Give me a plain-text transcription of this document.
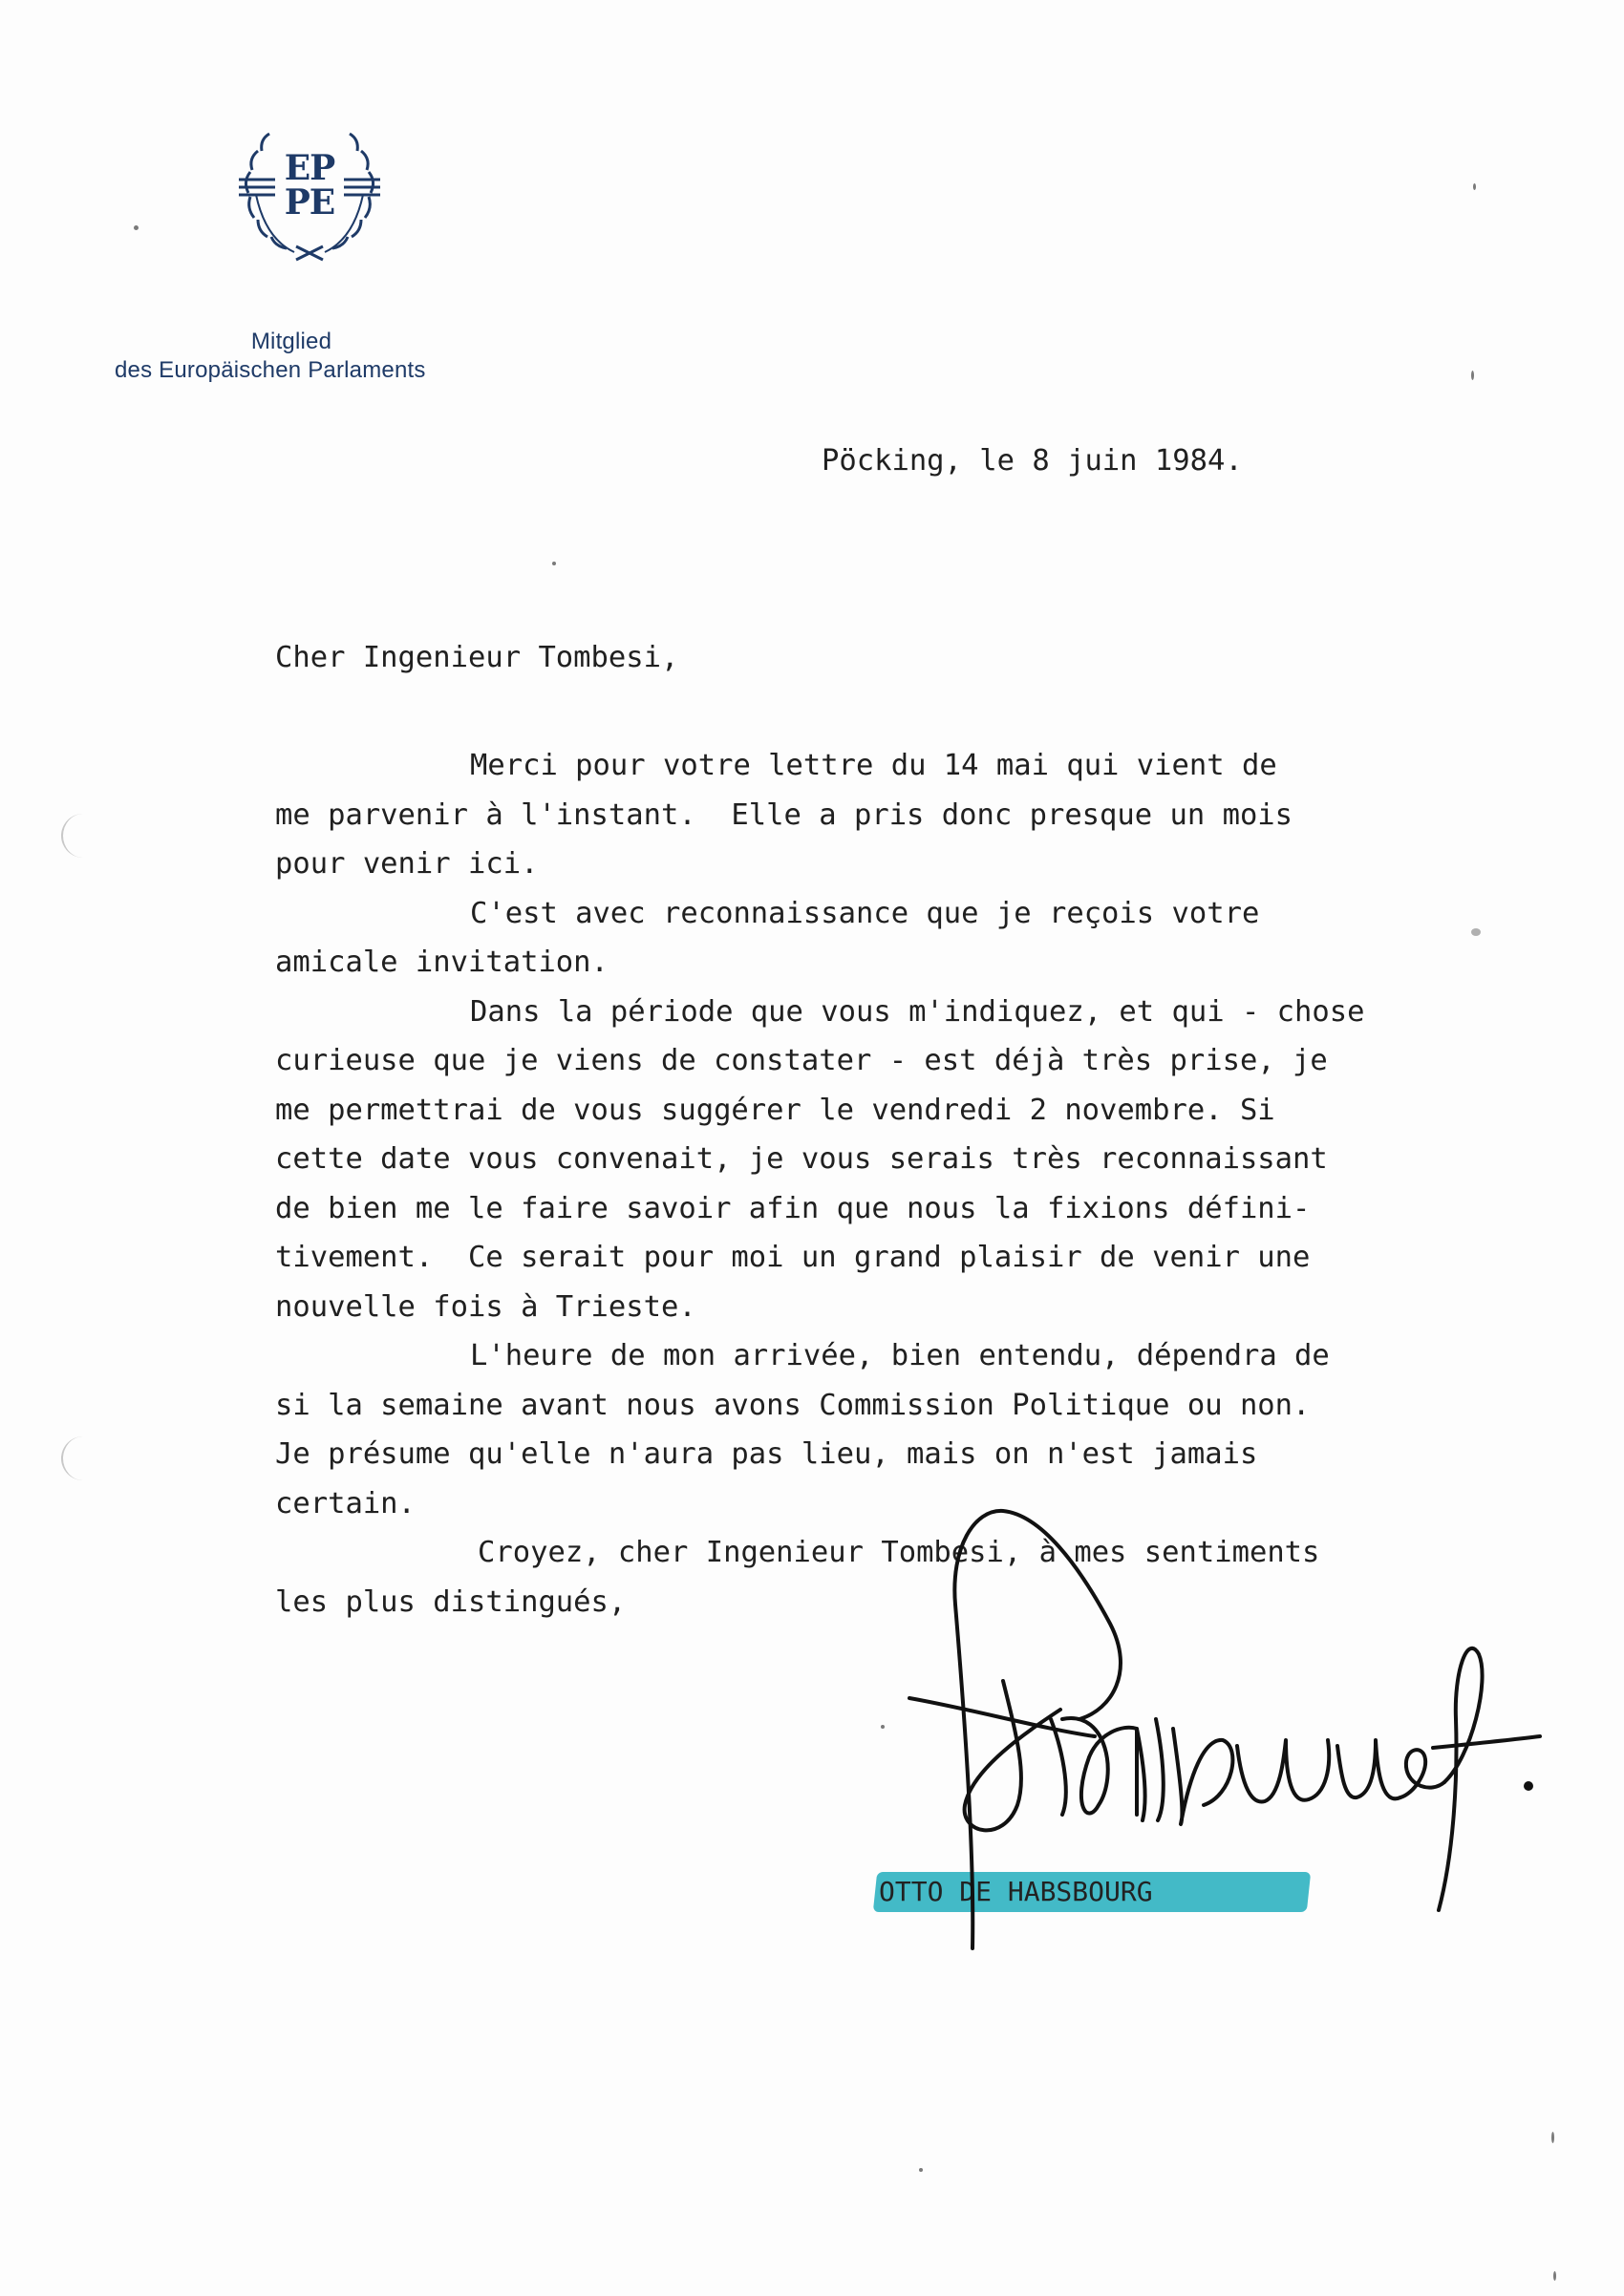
EP
PE
Mitglied
des Europäischen Parlaments
Pöcking, le 8 juin 1984.
Cher Ingenieur Tombesi,
Merci pour votre lettre du 14 mai qui vient de
me parvenir à l'instant.  Elle a pris donc presque un mois
pour venir ici.
C'est avec reconnaissance que je reçois votre
amicale invitation.
Dans la période que vous m'indiquez, et qui - chose
curieuse que je viens de constater - est déjà très prise, je
me permettrai de vous suggérer le vendredi 2 novembre. Si
cette date vous convenait, je vous serais très reconnaissant
de bien me le faire savoir afin que nous la fixions défini-
tivement.  Ce serait pour moi un grand plaisir de venir une
nouvelle fois à Trieste.
L'heure de mon arrivée, bien entendu, dépendra de
si la semaine avant nous avons Commission Politique ou non.
Je présume qu'elle n'aura pas lieu, mais on n'est jamais
certain.
Croyez, cher Ingenieur Tombesi, à mes sentiments
les plus distingués,
OTTO DE HABSBOURG
